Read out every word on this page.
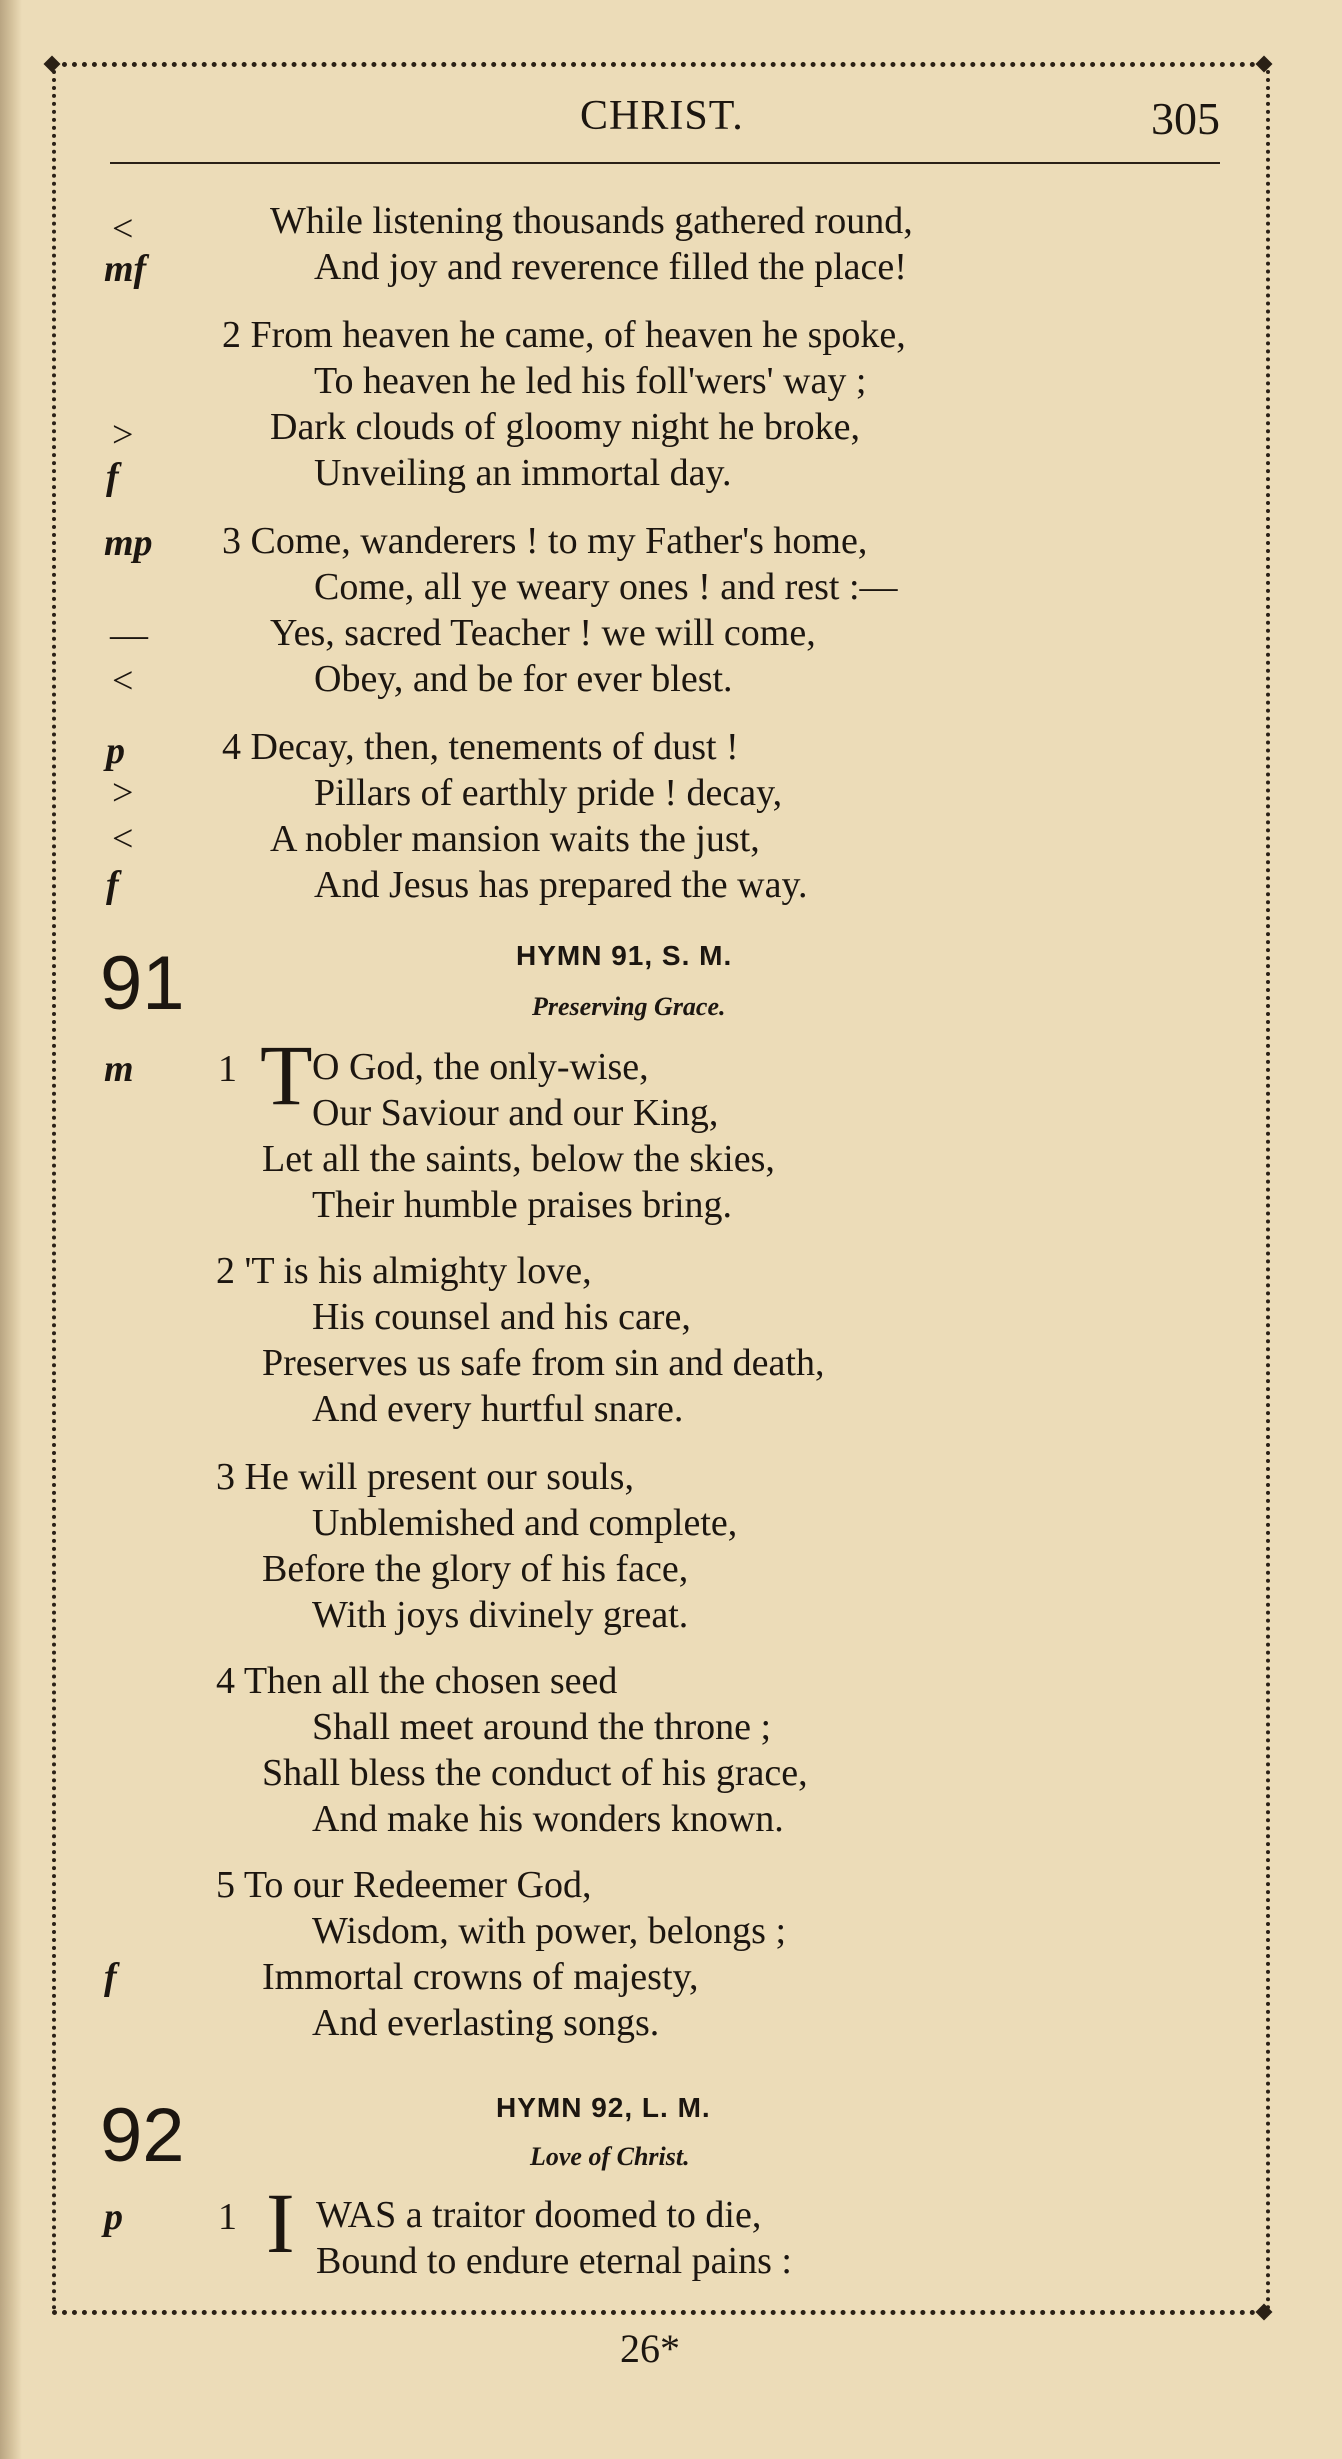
CHRIST.	305
<
mf
>
f
mp
—
<
p
>
<
f
While listening thousands gathered round,
And joy and reverence filled the place!
2 From heaven he came, of heaven he spoke,
To heaven he led his foll'wers' way ;
Dark clouds of gloomy night he broke,
Unveiling an immortal day.
3 Come, wanderers ! to my Father's home,
Come, all ye weary ones ! and rest :—
Yes, sacred Teacher ! we will come,
Obey, and be for ever blest.
4 Decay, then, tenements of dust !
Pillars of earthly pride ! decay,
A nobler mansion waits the just,
And Jesus has prepared the way.
91	HYMN 91, S. M.
Preserving Grace.
m 1 T O God, the only-wise,
Our Saviour and our King,
Let all the saints, below the skies,
Their humble praises bring.
2 'T is his almighty love,
His counsel and his care,
Preserves us safe from sin and death,
And every hurtful snare.
3 He will present our souls,
Unblemished and complete,
Before the glory of his face,
With joys divinely great.
4 Then all the chosen seed
Shall meet around the throne ;
Shall bless the conduct of his grace,
And make his wonders known.
5 To our Redeemer God,
Wisdom, with power, belongs ;
f	Immortal crowns of majesty,
And everlasting songs.
92	HYMN 92, L. M.
Love of Christ.
p	1 I WAS a traitor doomed to die,
Bound to endure eternal pains :
26*
